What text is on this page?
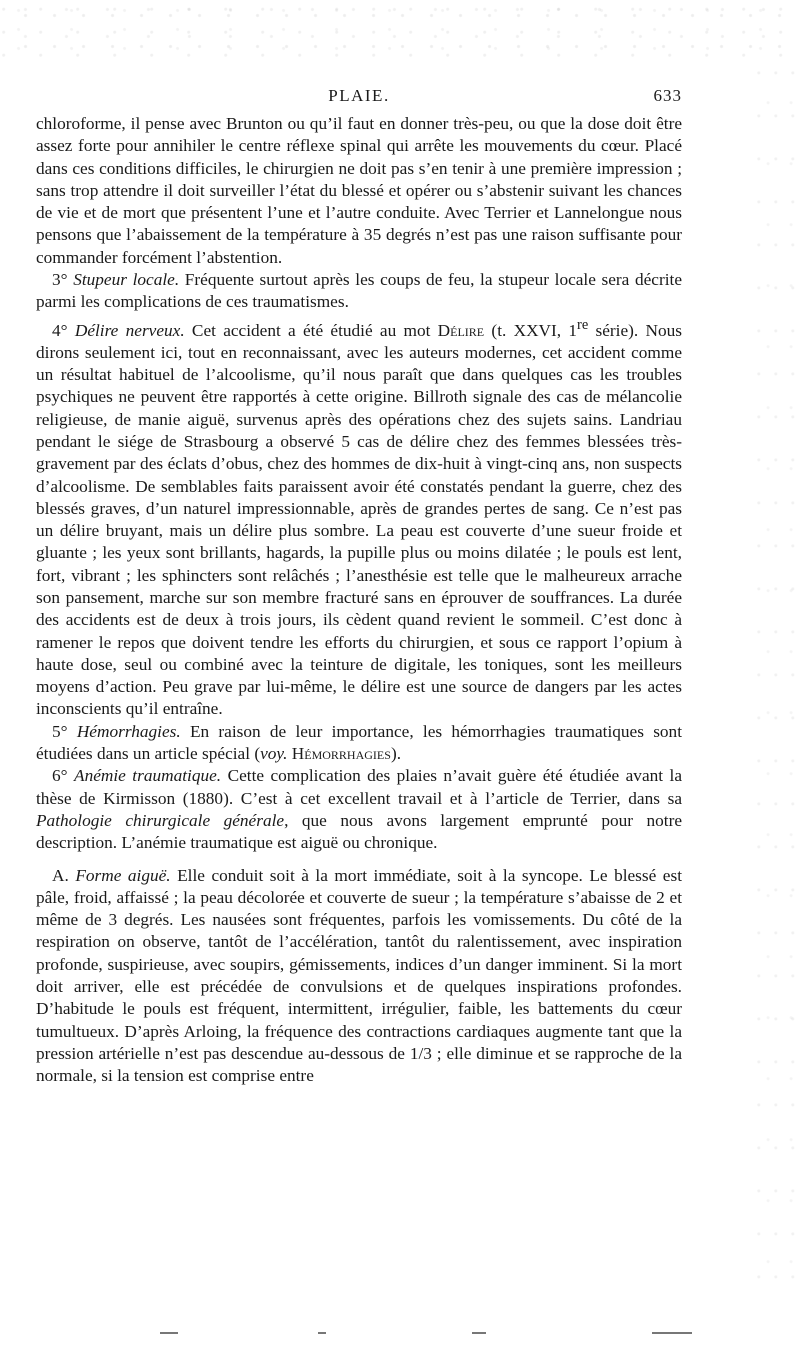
PLAIE.	633

chloroforme, il pense avec Brunton ou qu’il faut en donner très-peu, ou que la dose doit être assez forte pour annihiler le centre réflexe spinal qui arrête les mouvements du cœur. Placé dans ces conditions difficiles, le chirurgien ne doit pas s’en tenir à une première impression ; sans trop attendre il doit surveiller l’état du blessé et opérer ou s’abstenir suivant les chances de vie et de mort que présentent l’une et l’autre conduite. Avec Terrier et Lannelongue nous pensons que l’abaissement de la température à 35 degrés n’est pas une raison suffisante pour commander forcément l’abstention.

3° Stupeur locale. Fréquente surtout après les coups de feu, la stupeur locale sera décrite parmi les complications de ces traumatismes.

4° Délire nerveux. Cet accident a été étudié au mot Délire (t. XXVI, 1re série). Nous dirons seulement ici, tout en reconnaissant, avec les auteurs modernes, cet accident comme un résultat habituel de l’alcoolisme, qu’il nous paraît que dans quelques cas les troubles psychiques ne peuvent être rapportés à cette origine. Billroth signale des cas de mélancolie religieuse, de manie aiguë, survenus après des opérations chez des sujets sains. Landriau pendant le siége de Strasbourg a observé 5 cas de délire chez des femmes blessées très-gravement par des éclats d’obus, chez des hommes de dix-huit à vingt-cinq ans, non suspects d’alcoolisme. De semblables faits paraissent avoir été constatés pendant la guerre, chez des blessés graves, d’un naturel impressionnable, après de grandes pertes de sang. Ce n’est pas un délire bruyant, mais un délire plus sombre. La peau est couverte d’une sueur froide et gluante ; les yeux sont brillants, hagards, la pupille plus ou moins dilatée ; le pouls est lent, fort, vibrant ; les sphincters sont relâchés ; l’anesthésie est telle que le malheureux arrache son pansement, marche sur son membre fracturé sans en éprouver de souffrances. La durée des accidents est de deux à trois jours, ils cèdent quand revient le sommeil. C’est donc à ramener le repos que doivent tendre les efforts du chirurgien, et sous ce rapport l’opium à haute dose, seul ou combiné avec la teinture de digitale, les toniques, sont les meilleurs moyens d’action. Peu grave par lui-même, le délire est une source de dangers par les actes inconscients qu’il entraîne.

5° Hémorrhagies. En raison de leur importance, les hémorrhagies traumatiques sont étudiées dans un article spécial (voy. Hémorrhagies).

6° Anémie traumatique. Cette complication des plaies n’avait guère été étudiée avant la thèse de Kirmisson (1880). C’est à cet excellent travail et à l’article de Terrier, dans sa Pathologie chirurgicale générale, que nous avons largement emprunté pour notre description. L’anémie traumatique est aiguë ou chronique.

A. Forme aiguë. Elle conduit soit à la mort immédiate, soit à la syncope. Le blessé est pâle, froid, affaissé ; la peau décolorée et couverte de sueur ; la température s’abaisse de 2 et même de 3 degrés. Les nausées sont fréquentes, parfois les vomissements. Du côté de la respiration on observe, tantôt de l’accélération, tantôt du ralentissement, avec inspiration profonde, suspirieuse, avec soupirs, gémissements, indices d’un danger imminent. Si la mort doit arriver, elle est précédée de convulsions et de quelques inspirations profondes. D’habitude le pouls est fréquent, intermittent, irrégulier, faible, les battements du cœur tumultueux. D’après Arloing, la fréquence des contractions cardiaques augmente tant que la pression artérielle n’est pas descendue au-dessous de 1/3 ; elle diminue et se rapproche de la normale, si la tension est comprise entre
